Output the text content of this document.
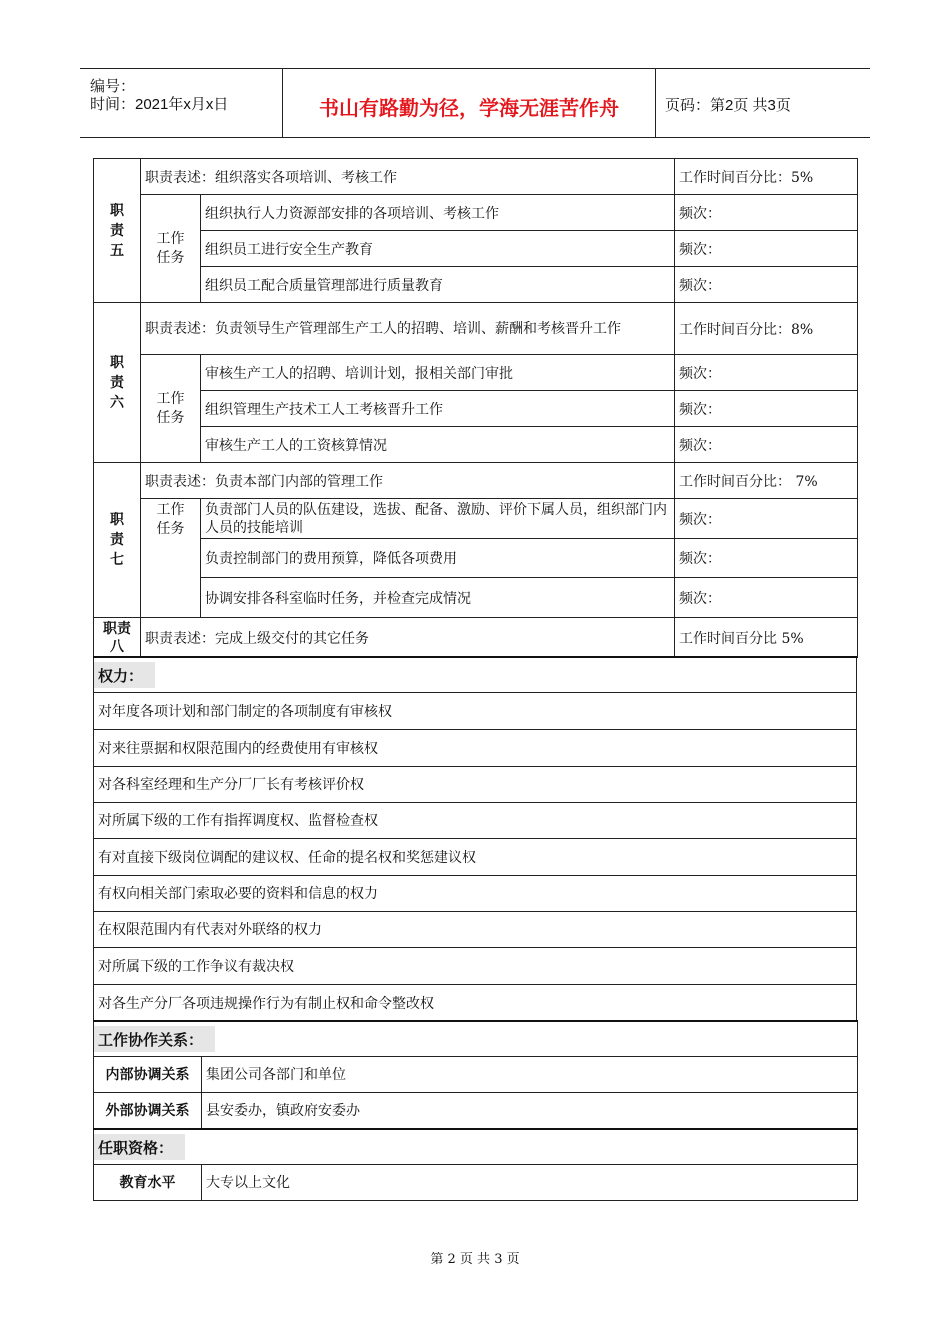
编号：
时间：2021年x月x日	书山有路勤为径，学海无涯苦作舟	页码：第2页 共3页
职责五	职责表述：组织落实各项培训、考核工作		工作时间百分比：5%

	工作任务	组织执行人力资源部安排的各项培训、考核工作	频次：
		组织员工进行安全生产教育	频次：
		组织员工配合质量管理部进行质量教育	频次：

职责六	职责表述：负责领导生产管理部生产工人的招聘、培训、薪酬和考核晋升工作		工作时间百分比：8%

	工作任务	审核生产工人的招聘、培训计划，报相关部门审批	频次：
		组织管理生产技术工人工考核晋升工作	频次：
		审核生产工人的工资核算情况	频次：

职责七	职责表述：负责本部门内部的管理工作		工作时间百分比： 7%

	工作任务	负责部门人员的队伍建设，选拔、配备、激励、评价下属人员，组织部门内人员的技能培训	频次：
		负责控制部门的费用预算，降低各项费用	频次：
		协调安排各科室临时任务，并检查完成情况	频次：

职责八	职责表述：完成上级交付的其它任务		工作时间百分比 5%
权力：
对年度各项计划和部门制定的各项制度有审核权
对来往票据和权限范围内的经费使用有审核权
对各科室经理和生产分厂厂长有考核评价权
对所属下级的工作有指挥调度权、监督检查权
有对直接下级岗位调配的建议权、任命的提名权和奖惩建议权
有权向相关部门索取必要的资料和信息的权力
在权限范围内有代表对外联络的权力
对所属下级的工作争议有裁决权
对各生产分厂各项违规操作行为有制止权和命令整改权
工作协作关系：	
内部协调关系	集团公司各部门和单位
外部协调关系	县安委办，镇政府安委办
任职资格：
教育水平	大专以上文化
第 2 页 共 3 页
